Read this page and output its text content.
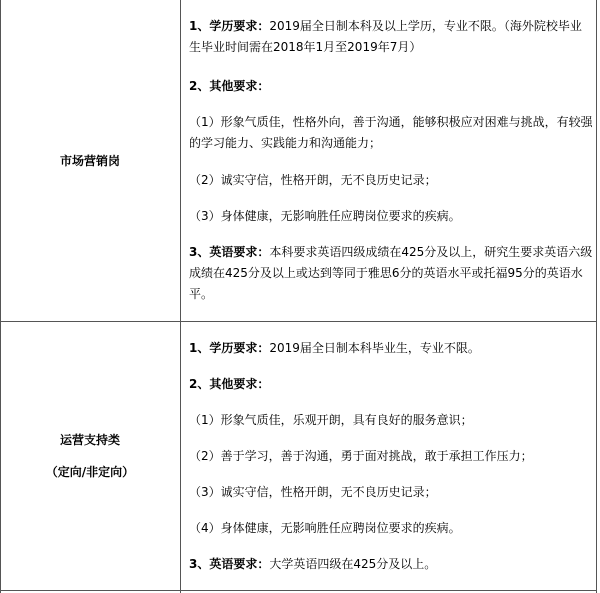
市场营销岗
1、学历要求：2019届全日制本科及以上学历，专业不限。（海外院校毕业
生毕业时间需在2018年1月至2019年7月）
2、其他要求：
（1）形象气质佳，性格外向，善于沟通，能够积极应对困难与挑战，有较强
的学习能力、实践能力和沟通能力；
（2）诚实守信，性格开朗，无不良历史记录；
（3）身体健康，无影响胜任应聘岗位要求的疾病。
3、英语要求：本科要求英语四级成绩在425分及以上，研究生要求英语六级
成绩在425分及以上或达到等同于雅思6分的英语水平或托福95分的英语水
平。
运营支持类
（定向/非定向）
1、学历要求：2019届全日制本科毕业生，专业不限。
2、其他要求：
（1）形象气质佳，乐观开朗，具有良好的服务意识；
（2）善于学习，善于沟通，勇于面对挑战，敢于承担工作压力；
（3）诚实守信，性格开朗，无不良历史记录；
（4）身体健康，无影响胜任应聘岗位要求的疾病。
3、英语要求：大学英语四级在425分及以上。
